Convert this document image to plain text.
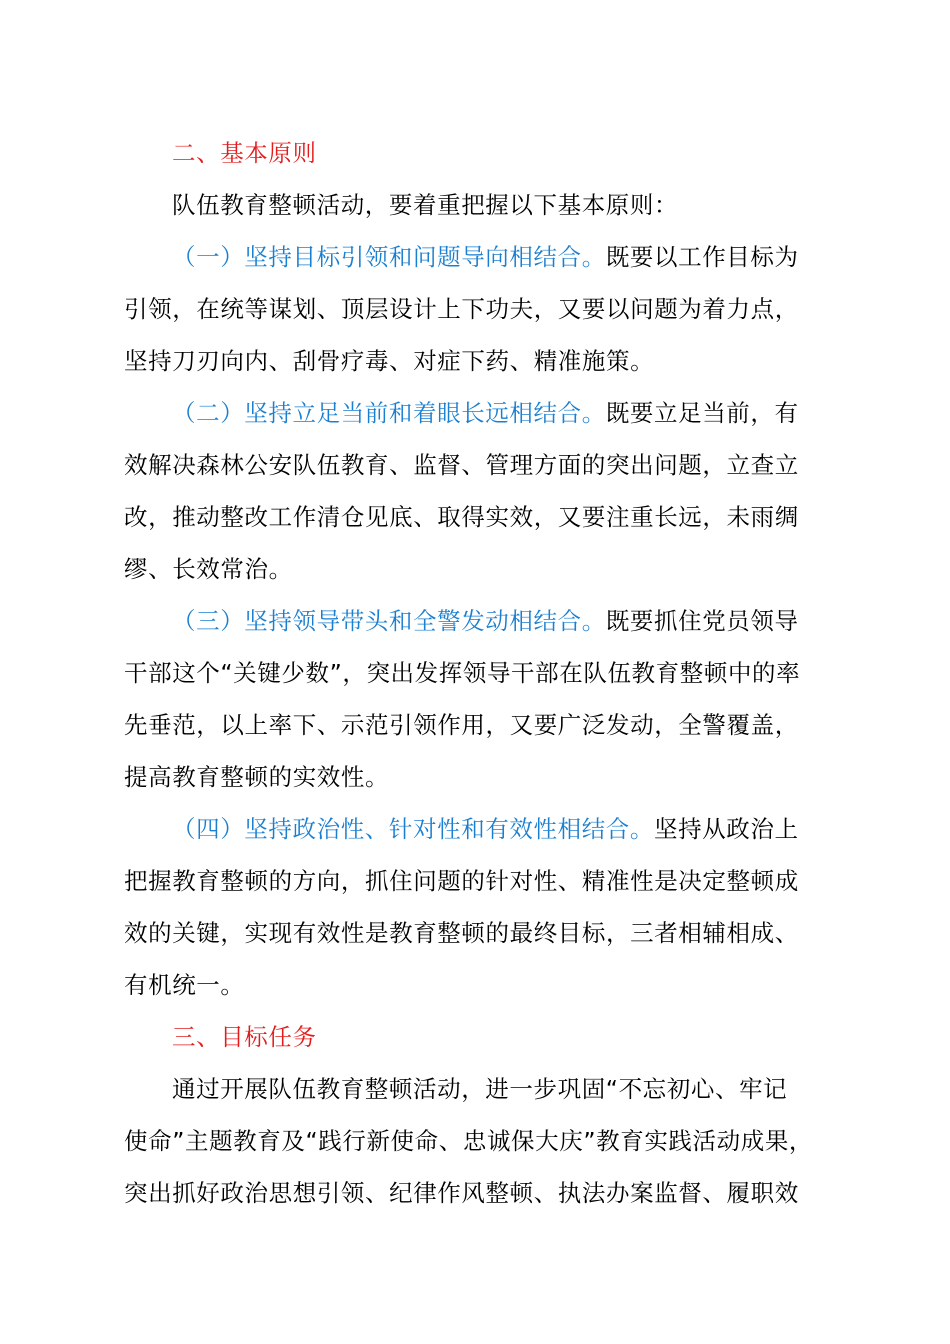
二、基本原则
队伍教育整顿活动，要着重把握以下基本原则：
（一）坚持目标引领和问题导向相结合。既要以工作目标为
引领，在统等谋划、顶层设计上下功夫，又要以问题为着力点，
坚持刀刃向内、刮骨疗毒、对症下药、精准施策。
（二）坚持立足当前和着眼长远相结合。既要立足当前，有
效解决森林公安队伍教育、监督、管理方面的突出问题，立查立
改，推动整改工作清仓见底、取得实效，又要注重长远，未雨绸
缪、长效常治。
（三）坚持领导带头和全警发动相结合。既要抓住党员领导
干部这个“关键少数”，突出发挥领导干部在队伍教育整顿中的率
先垂范，以上率下、示范引领作用，又要广泛发动，全警覆盖，
提高教育整顿的实效性。
（四）坚持政治性、针对性和有效性相结合。坚持从政治上
把握教育整顿的方向，抓住问题的针对性、精准性是决定整顿成
效的关键，实现有效性是教育整顿的最终目标，三者相辅相成、
有机统一。
三、目标任务
通过开展队伍教育整顿活动，进一步巩固“不忘初心、牢记
使命”主题教育及“践行新使命、忠诚保大庆”教育实践活动成果，
突出抓好政治思想引领、纪律作风整顿、执法办案监督、履职效
